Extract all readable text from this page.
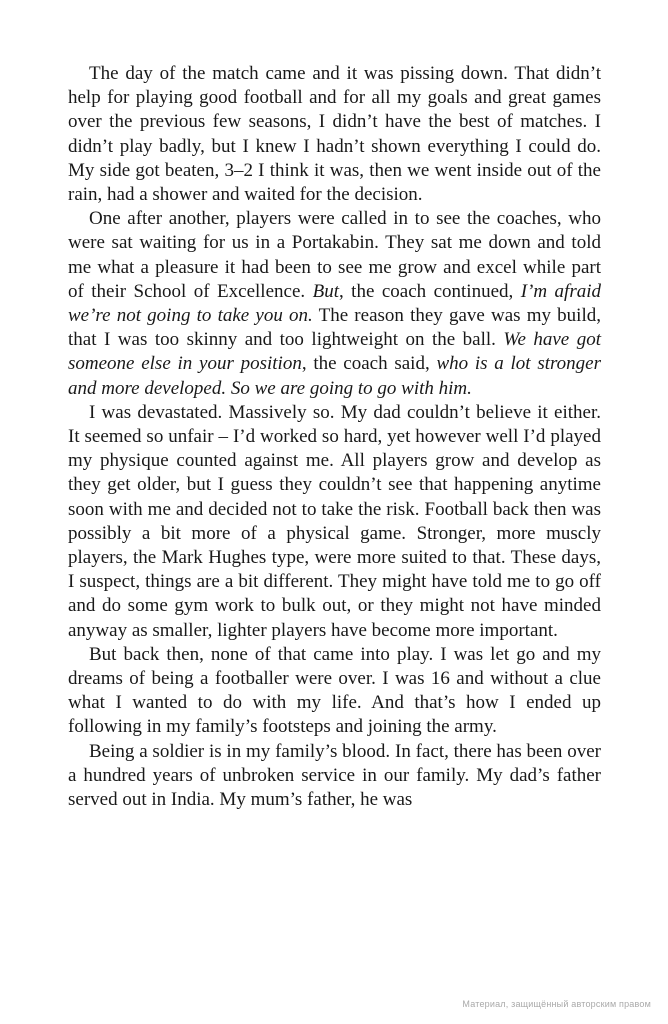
The day of the match came and it was pissing down. That didn’t help for playing good football and for all my goals and great games over the previous few seasons, I didn’t have the best of matches. I didn’t play badly, but I knew I hadn’t shown everything I could do. My side got beaten, 3–2 I think it was, then we went inside out of the rain, had a shower and waited for the decision.

One after another, players were called in to see the coaches, who were sat waiting for us in a Portakabin. They sat me down and told me what a pleasure it had been to see me grow and excel while part of their School of Excellence. But, the coach continued, I’m afraid we’re not going to take you on. The reason they gave was my build, that I was too skinny and too lightweight on the ball. We have got someone else in your position, the coach said, who is a lot stronger and more developed. So we are going to go with him.

I was devastated. Massively so. My dad couldn’t believe it either. It seemed so unfair – I’d worked so hard, yet however well I’d played my physique counted against me. All players grow and develop as they get older, but I guess they couldn’t see that happening anytime soon with me and decided not to take the risk. Football back then was possibly a bit more of a physical game. Stronger, more muscly players, the Mark Hughes type, were more suited to that. These days, I suspect, things are a bit different. They might have told me to go off and do some gym work to bulk out, or they might not have minded anyway as smaller, lighter players have become more important.

But back then, none of that came into play. I was let go and my dreams of being a footballer were over. I was 16 and without a clue what I wanted to do with my life. And that’s how I ended up following in my family’s footsteps and joining the army.

Being a soldier is in my family’s blood. In fact, there has been over a hundred years of unbroken service in our family. My dad’s father served out in India. My mum’s father, he was

Материал, защищённый авторским правом
